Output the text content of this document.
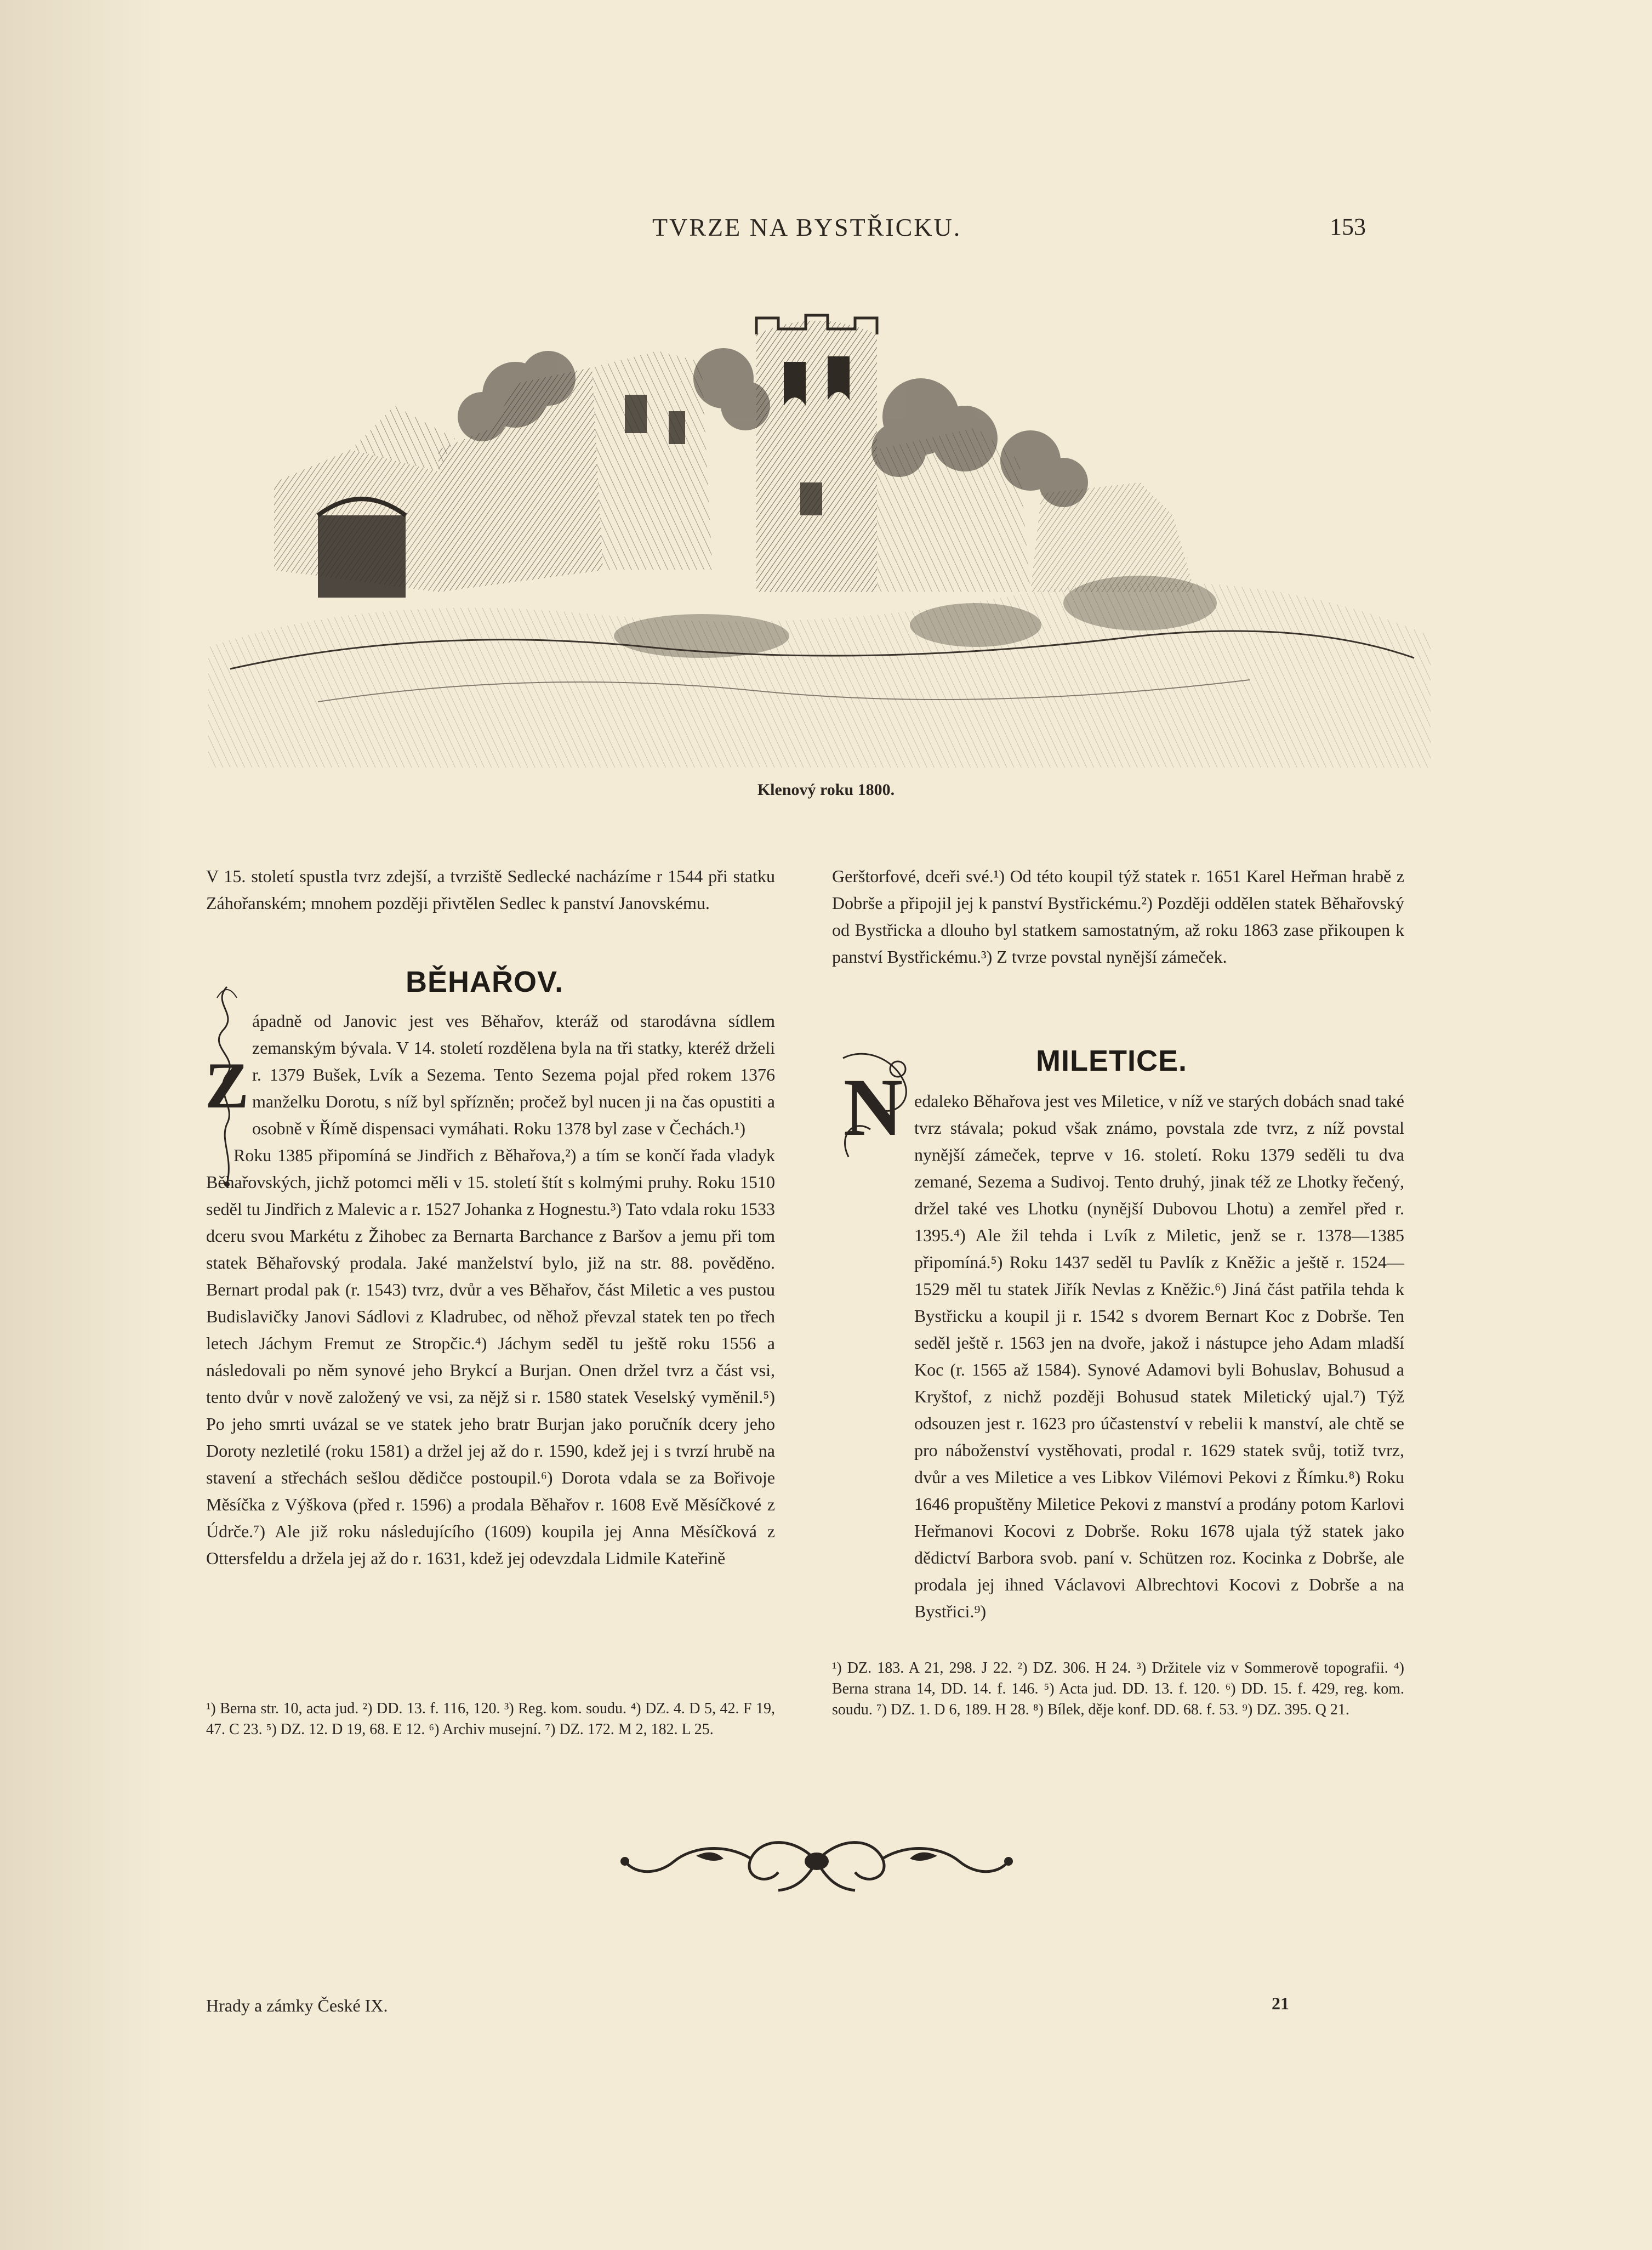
TVRZE NA BYSTŘICKU.	153
Klenový roku 1800.

V 15. století spustla tvrz zdejší, a tvrziště Sedlecké nacházíme r 1544 při statku Záhořanském; mnohem později přivtělen Sedlec k panství Janovskému.

BĚHAŘOV.
Z

ápadně od Janovic jest ves Běhařov, kteráž od starodávna sídlem zemanským bývala. V 14. století rozdělena byla na tři statky, kteréž drželi r. 1379 Bušek, Lvík a Sezema. Tento Sezema pojal před rokem 1376 manželku Dorotu, s níž byl spřízněn; pročež byl nucen ji na čas opustiti a osobně v Římě dispensaci vymáhati. Roku 1378 byl zase v Čechách.¹)

Roku 1385 připomíná se Jindřich z Běhařova,²) a tím se končí řada vladyk Běhařovských, jichž potomci měli v 15. století štít s kolmými pruhy. Roku 1510 seděl tu Jindřich z Malevic a r. 1527 Johanka z Hognestu.³) Tato vdala roku 1533 dceru svou Markétu z Žihobec za Bernarta Barchance z Baršov a jemu při tom statek Běhařovský prodala. Jaké manželství bylo, již na str. 88. pověděno. Bernart prodal pak (r. 1543) tvrz, dvůr a ves Běhařov, část Miletic a ves pustou Budislavičky Janovi Sádlovi z Kladrubec, od něhož převzal statek ten po třech letech Jáchym Fremut ze Stropčic.⁴) Jáchym seděl tu ještě roku 1556 a následovali po něm synové jeho Brykcí a Burjan. Onen držel tvrz a část vsi, tento dvůr v nově založený ve vsi, za nějž si r. 1580 statek Veselský vyměnil.⁵) Po jeho smrti uvázal se ve statek jeho bratr Burjan jako poručník dcery jeho Doroty nezletilé (roku 1581) a držel jej až do r. 1590, kdež jej i s tvrzí hrubě na stavení a střechách sešlou dědičce postoupil.⁶) Dorota vdala se za Bořivoje Měsíčka z Výškova (před r. 1596) a prodala Běhařov r. 1608 Evě Měsíčkové z Údrče.⁷) Ale již roku následujícího (1609) koupila jej Anna Měsíčková z Ottersfeldu a držela jej až do r. 1631, kdež jej odevzdala Lidmile Kateřině

¹) Berna str. 10, acta jud. ²) DD. 13. f. 116, 120. ³) Reg. kom. soudu. ⁴) DZ. 4. D 5, 42. F 19, 47. C 23. ⁵) DZ. 12. D 19, 68. E 12. ⁶) Archiv musejní. ⁷) DZ. 172. M 2, 182. L 25.

Gerštorfové, dceři své.¹) Od této koupil týž statek r. 1651 Karel Heřman hrabě z Dobrše a připojil jej k panství Bystřickému.²) Později oddělen statek Běhařovský od Bystřicka a dlouho byl statkem samostatným, až roku 1863 zase přikoupen k panství Bystřickému.³) Z tvrze povstal nynější zámeček.

MILETICE.
N edaleko Běhařova jest ves Miletice, v níž ve starých dobách snad také tvrz stávala; pokud však známo, povstala zde tvrz, z níž povstal nynější zámeček, teprve v 16. století. Roku 1379 seděli tu dva zemané, Sezema a Sudivoj. Tento druhý, jinak též ze Lhotky řečený, držel také ves Lhotku (nynější Dubovou Lhotu) a zemřel před r. 1395.⁴) Ale žil tehda i Lvík z Miletic, jenž se r. 1378—1385 připomíná.⁵) Roku 1437 seděl tu Pavlík z Kněžic a ještě r. 1524—1529 měl tu statek Jiřík Nevlas z Kněžic.⁶) Jiná část patřila tehda k Bystřicku a koupil ji r. 1542 s dvorem Bernart Koc z Dobrše. Ten seděl ještě r. 1563 jen na dvoře, jakož i nástupce jeho Adam mladší Koc (r. 1565 až 1584). Synové Adamovi byli Bohuslav, Bohusud a Kryštof, z nichž později Bohusud statek Miletický ujal.⁷) Týž odsouzen jest r. 1623 pro účastenství v rebelii k manství, ale chtě se pro náboženství vystěhovati, prodal r. 1629 statek svůj, totiž tvrz, dvůr a ves Miletice a ves Libkov Vilémovi Pekovi z Římku.⁸) Roku 1646 propuštěny Miletice Pekovi z manství a prodány potom Karlovi Heřmanovi Kocovi z Dobrše. Roku 1678 ujala týž statek jako dědictví Barbora svob. paní v. Schützen roz. Kocinka z Dobrše, ale prodala jej ihned Václavovi Albrechtovi Kocovi z Dobrše a na Bystřici.⁹)

¹) DZ. 183. A 21, 298. J 22. ²) DZ. 306. H 24. ³) Držitele viz v Sommerově topografii. ⁴) Berna strana 14, DD. 14. f. 146. ⁵) Acta jud. DD. 13. f. 120. ⁶) DD. 15. f. 429, reg. kom. soudu. ⁷) DZ. 1. D 6, 189. H 28. ⁸) Bílek, děje konf. DD. 68. f. 53. ⁹) DZ. 395. Q 21.
Hrady a zámky České IX.	21
